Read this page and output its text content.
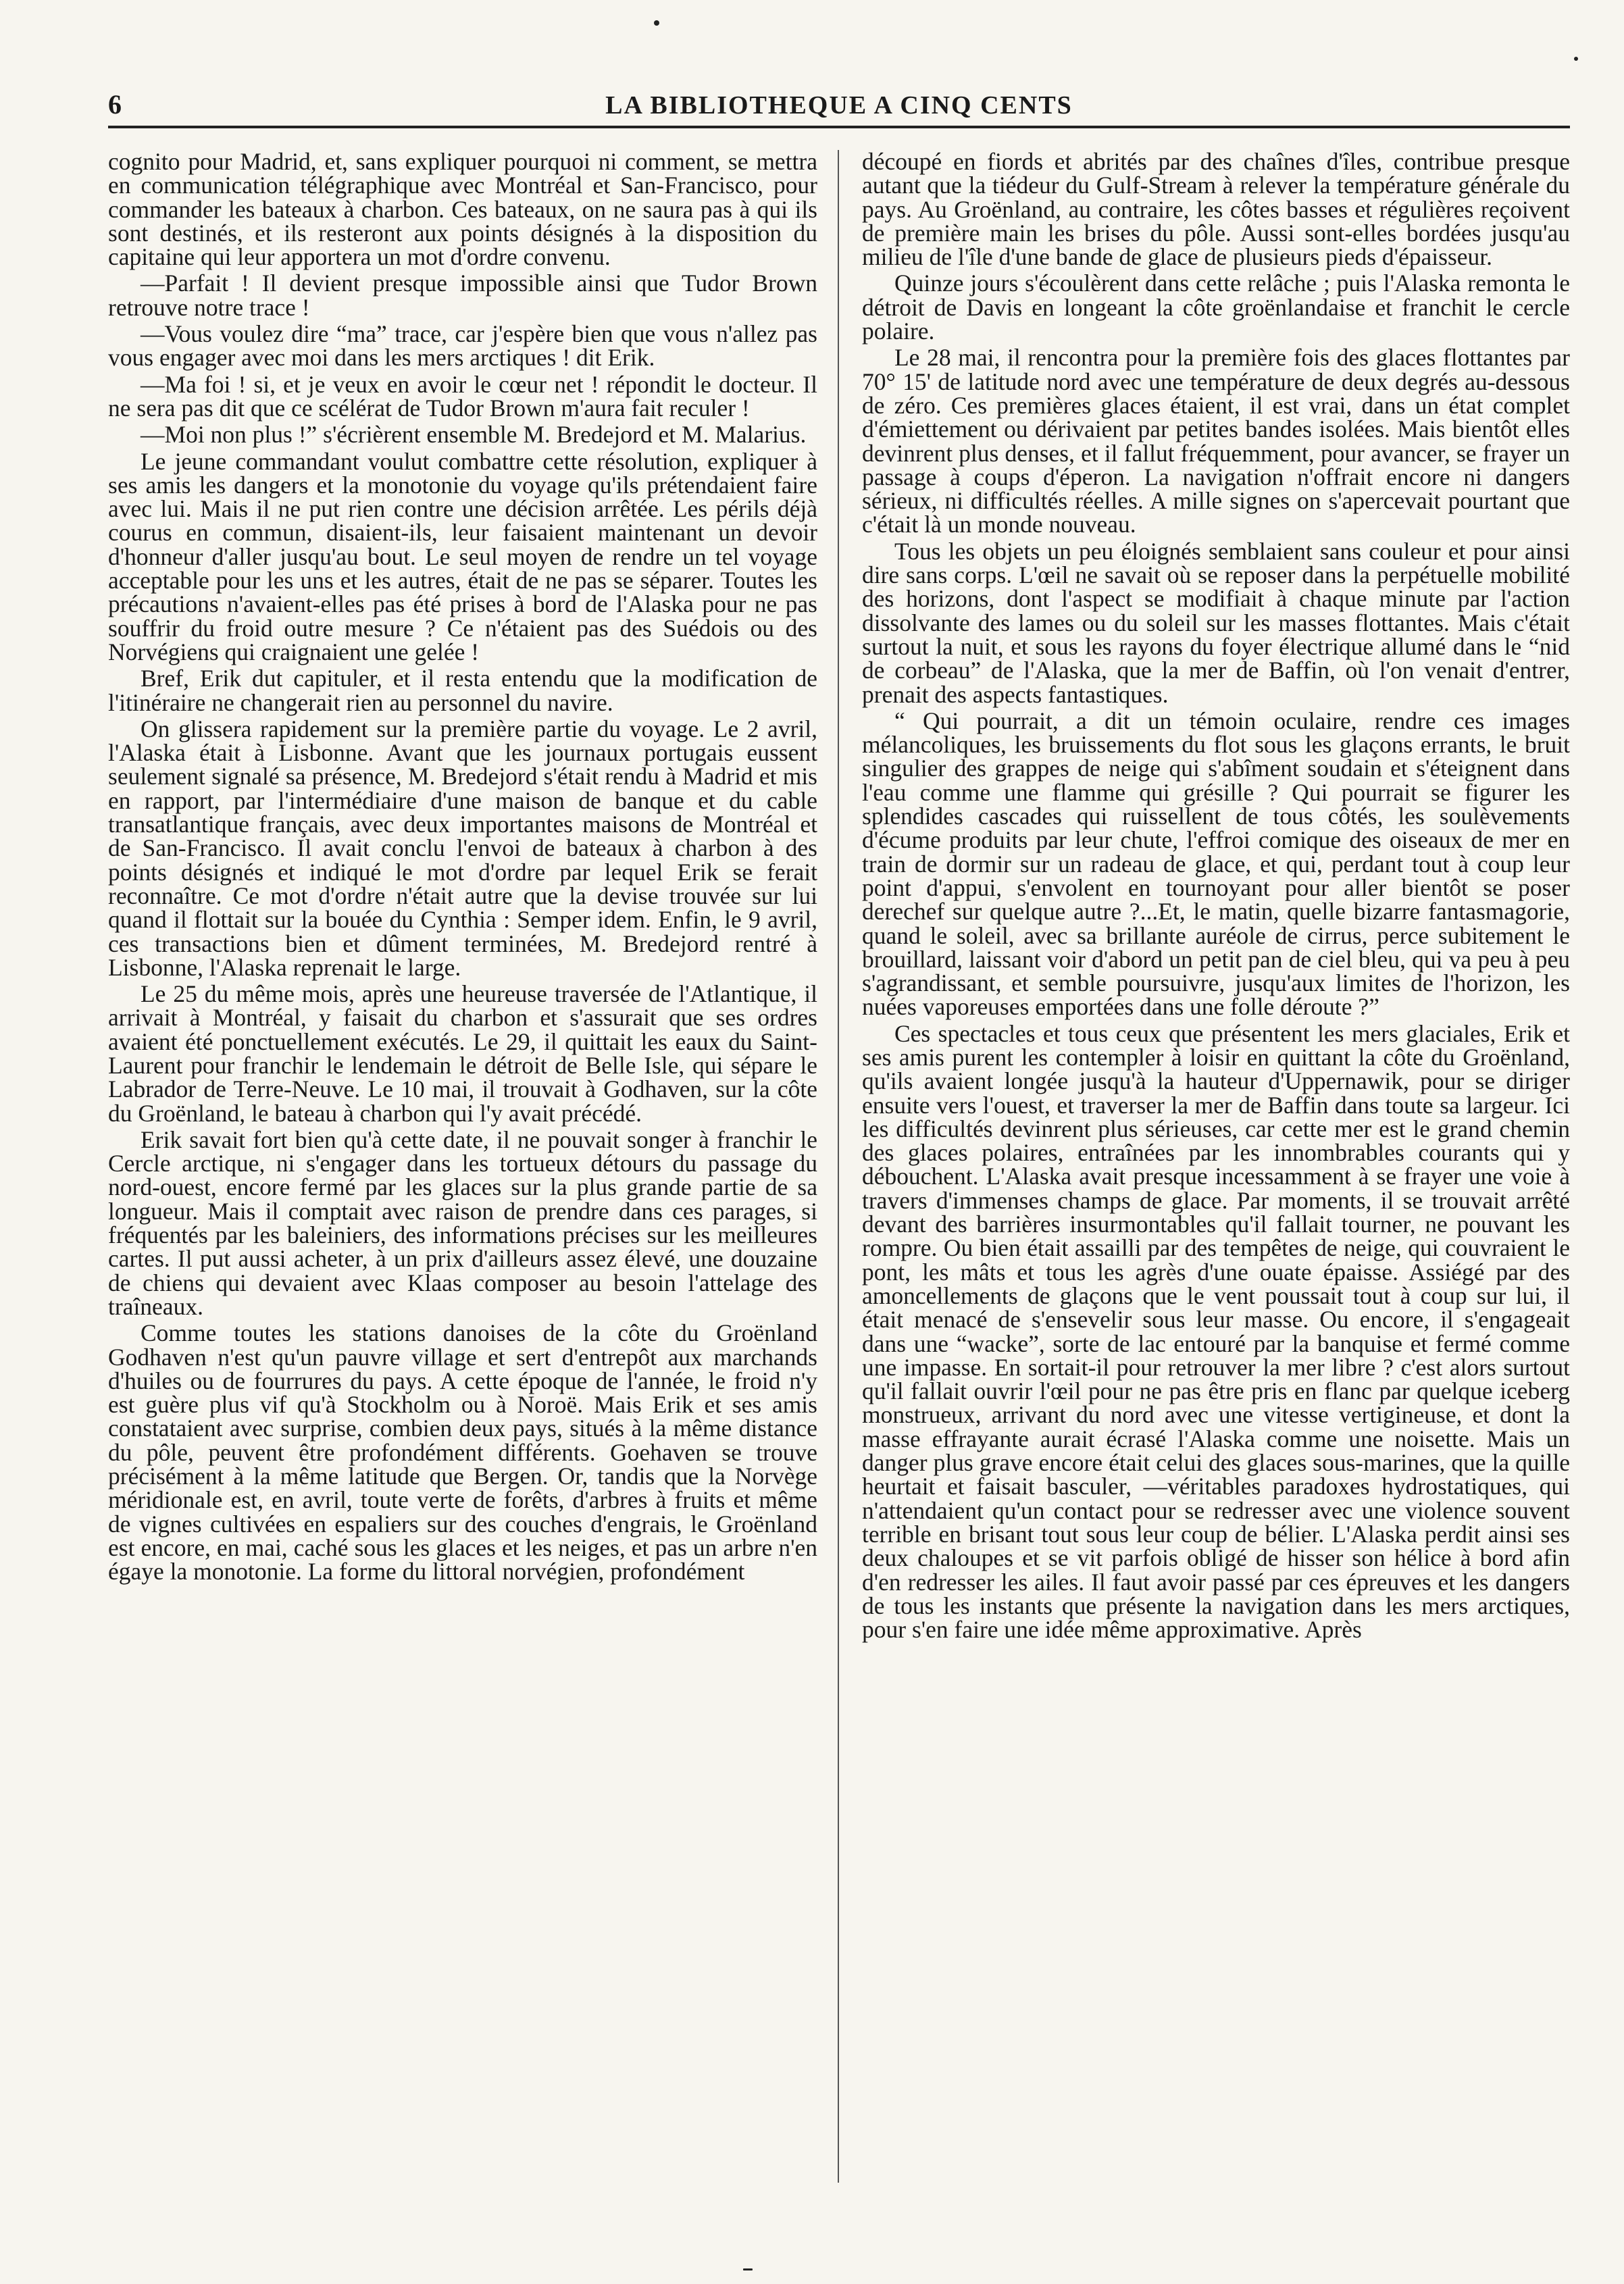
6	LA BIBLIOTHEQUE A CINQ CENTS

cognito pour Madrid, et, sans expliquer pourquoi ni comment, se mettra en communication télégraphique avec Montréal et San-Francisco, pour commander les bateaux à charbon. Ces bateaux, on ne saura pas à qui ils sont destinés, et ils resteront aux points désignés à la disposition du capitaine qui leur apportera un mot d'ordre convenu.

—Parfait ! Il devient presque impossible ainsi que Tudor Brown retrouve notre trace !

—Vous voulez dire “ma” trace, car j'espère bien que vous n'allez pas vous engager avec moi dans les mers arctiques ! dit Erik.

—Ma foi ! si, et je veux en avoir le cœur net ! répondit le docteur. Il ne sera pas dit que ce scélérat de Tudor Brown m'aura fait reculer !

—Moi non plus !” s'écrièrent ensemble M. Bredejord et M. Malarius.

Le jeune commandant voulut combattre cette résolution, expliquer à ses amis les dangers et la monotonie du voyage qu'ils prétendaient faire avec lui. Mais il ne put rien contre une décision arrêtée. Les périls déjà courus en commun, disaient-ils, leur faisaient maintenant un devoir d'honneur d'aller jusqu'au bout. Le seul moyen de rendre un tel voyage acceptable pour les uns et les autres, était de ne pas se séparer. Toutes les précautions n'avaient-elles pas été prises à bord de l'Alaska pour ne pas souffrir du froid outre mesure ? Ce n'étaient pas des Suédois ou des Norvégiens qui craignaient une gelée !

Bref, Erik dut capituler, et il resta entendu que la modification de l'itinéraire ne changerait rien au personnel du navire.

On glissera rapidement sur la première partie du voyage. Le 2 avril, l'Alaska était à Lisbonne. Avant que les journaux portugais eussent seulement signalé sa présence, M. Bredejord s'était rendu à Madrid et mis en rapport, par l'intermédiaire d'une maison de banque et du cable transatlantique français, avec deux importantes maisons de Montréal et de San-Francisco. Il avait conclu l'envoi de bateaux à charbon à des points désignés et indiqué le mot d'ordre par lequel Erik se ferait reconnaître. Ce mot d'ordre n'était autre que la devise trouvée sur lui quand il flottait sur la bouée du Cynthia : Semper idem. Enfin, le 9 avril, ces transactions bien et dûment terminées, M. Bredejord rentré à Lisbonne, l'Alaska reprenait le large.

Le 25 du même mois, après une heureuse traversée de l'Atlantique, il arrivait à Montréal, y faisait du charbon et s'assurait que ses ordres avaient été ponctuellement exécutés. Le 29, il quittait les eaux du Saint-Laurent pour franchir le lendemain le détroit de Belle Isle, qui sépare le Labrador de Terre-Neuve. Le 10 mai, il trouvait à Godhaven, sur la côte du Groënland, le bateau à charbon qui l'y avait précédé.

Erik savait fort bien qu'à cette date, il ne pouvait songer à franchir le Cercle arctique, ni s'engager dans les tortueux détours du passage du nord-ouest, encore fermé par les glaces sur la plus grande partie de sa longueur. Mais il comptait avec raison de prendre dans ces parages, si fréquentés par les baleiniers, des informations précises sur les meilleures cartes. Il put aussi acheter, à un prix d'ailleurs assez élevé, une douzaine de chiens qui devaient avec Klaas composer au besoin l'attelage des traîneaux.

Comme toutes les stations danoises de la côte du Groënland Godhaven n'est qu'un pauvre village et sert d'entrepôt aux marchands d'huiles ou de fourrures du pays. A cette époque de l'année, le froid n'y est guère plus vif qu'à Stockholm ou à Noroë. Mais Erik et ses amis constataient avec surprise, combien deux pays, situés à la même distance du pôle, peuvent être profondément différents. Goehaven se trouve précisément à la même latitude que Bergen. Or, tandis que la Norvège méridionale est, en avril, toute verte de forêts, d'arbres à fruits et même de vignes cultivées en espaliers sur des couches d'engrais, le Groënland est encore, en mai, caché sous les glaces et les neiges, et pas un arbre n'en égaye la monotonie. La forme du littoral norvégien, profondément

découpé en fiords et abrités par des chaînes d'îles, contribue presque autant que la tiédeur du Gulf-Stream à relever la température générale du pays. Au Groënland, au contraire, les côtes basses et régulières reçoivent de première main les brises du pôle. Aussi sont-elles bordées jusqu'au milieu de l'île d'une bande de glace de plusieurs pieds d'épaisseur.

Quinze jours s'écoulèrent dans cette relâche ; puis l'Alaska remonta le détroit de Davis en longeant la côte groënlandaise et franchit le cercle polaire.

Le 28 mai, il rencontra pour la première fois des glaces flottantes par 70° 15' de latitude nord avec une température de deux degrés au-dessous de zéro. Ces premières glaces étaient, il est vrai, dans un état complet d'émiettement ou dérivaient par petites bandes isolées. Mais bientôt elles devinrent plus denses, et il fallut fréquemment, pour avancer, se frayer un passage à coups d'éperon. La navigation n'offrait encore ni dangers sérieux, ni difficultés réelles. A mille signes on s'apercevait pourtant que c'était là un monde nouveau.

Tous les objets un peu éloignés semblaient sans couleur et pour ainsi dire sans corps. L'œil ne savait où se reposer dans la perpétuelle mobilité des horizons, dont l'aspect se modifiait à chaque minute par l'action dissolvante des lames ou du soleil sur les masses flottantes. Mais c'était surtout la nuit, et sous les rayons du foyer électrique allumé dans le “nid de corbeau” de l'Alaska, que la mer de Baffin, où l'on venait d'entrer, prenait des aspects fantastiques.

“ Qui pourrait, a dit un témoin oculaire, rendre ces images mélancoliques, les bruissements du flot sous les glaçons errants, le bruit singulier des grappes de neige qui s'abîment soudain et s'éteignent dans l'eau comme une flamme qui grésille ? Qui pourrait se figurer les splendides cascades qui ruissellent de tous côtés, les soulèvements d'écume produits par leur chute, l'effroi comique des oiseaux de mer en train de dormir sur un radeau de glace, et qui, perdant tout à coup leur point d'appui, s'envolent en tournoyant pour aller bientôt se poser derechef sur quelque autre ?...Et, le matin, quelle bizarre fantasmagorie, quand le soleil, avec sa brillante auréole de cirrus, perce subitement le brouillard, laissant voir d'abord un petit pan de ciel bleu, qui va peu à peu s'agrandissant, et semble poursuivre, jusqu'aux limites de l'horizon, les nuées vaporeuses emportées dans une folle déroute ?”

Ces spectacles et tous ceux que présentent les mers glaciales, Erik et ses amis purent les contempler à loisir en quittant la côte du Groënland, qu'ils avaient longée jusqu'à la hauteur d'Uppernawik, pour se diriger ensuite vers l'ouest, et traverser la mer de Baffin dans toute sa largeur. Ici les difficultés devinrent plus sérieuses, car cette mer est le grand chemin des glaces polaires, entraînées par les innombrables courants qui y débouchent. L'Alaska avait presque incessamment à se frayer une voie à travers d'immenses champs de glace. Par moments, il se trouvait arrêté devant des barrières insurmontables qu'il fallait tourner, ne pouvant les rompre. Ou bien était assailli par des tempêtes de neige, qui couvraient le pont, les mâts et tous les agrès d'une ouate épaisse. Assiégé par des amoncellements de glaçons que le vent poussait tout à coup sur lui, il était menacé de s'ensevelir sous leur masse. Ou encore, il s'engageait dans une “wacke”, sorte de lac entouré par la banquise et fermé comme une impasse. En sortait-il pour retrouver la mer libre ? c'est alors surtout qu'il fallait ouvrir l'œil pour ne pas être pris en flanc par quelque iceberg monstrueux, arrivant du nord avec une vitesse vertigineuse, et dont la masse effrayante aurait écrasé l'Alaska comme une noisette. Mais un danger plus grave encore était celui des glaces sous-marines, que la quille heurtait et faisait basculer, —véritables paradoxes hydrostatiques, qui n'attendaient qu'un contact pour se redresser avec une violence souvent terrible en brisant tout sous leur coup de bélier. L'Alaska perdit ainsi ses deux chaloupes et se vit parfois obligé de hisser son hélice à bord afin d'en redresser les ailes. Il faut avoir passé par ces épreuves et les dangers de tous les instants que présente la navigation dans les mers arctiques, pour s'en faire une idée même approximative. Après
